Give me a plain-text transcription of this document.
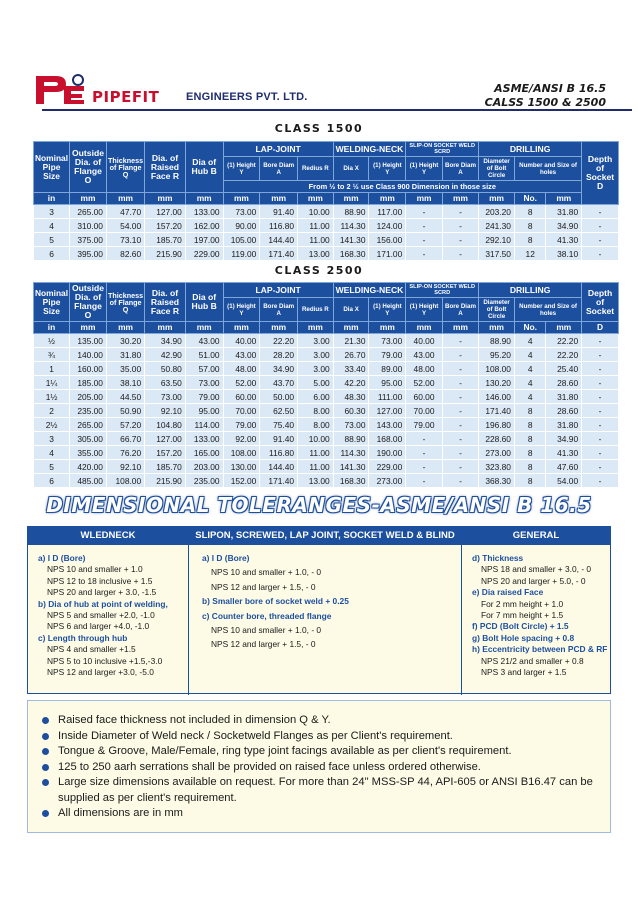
PIPEFIT ENGINEERS PVT. LTD.
ASME/ANSI B 16.5
CALSS 1500 & 2500
CLASS 1500
Nominal Pipe Size	Outside Dia. of Flange O	Thickness of Flange Q	Dia. of Raised Face R	Dia of Hub B	LAP-JOINT			WELDING-NECK		SLIP-ON SOCKET WELD SCRD		DRILLING			Depth of Socket D
					(1) Height Y	Bore Diam A	Redius R	Dia X	(1) Height Y	(1) Height Y	Bore Diam A	Diameter of Bolt Circle	Number and Size of holes		
					From ½ to 2 ½ use Class 900 Dimension in those size										
in	mm	mm	mm	mm	mm	mm	mm	mm	mm	mm	mm	mm	No.	mm	
3	265.00	47.70	127.00	133.00	73.00	91.40	10.00	88.90	117.00	-	-	203.20	8	31.80	-
4	310.00	54.00	157.20	162.00	90.00	116.80	11.00	114.30	124.00	-	-	241.30	8	34.90	-
5	375.00	73.10	185.70	197.00	105.00	144.40	11.00	141.30	156.00	-	-	292.10	8	41.30	-
6	395.00	82.60	215.90	229.00	119.00	171.40	13.00	168.30	171.00	-	-	317.50	12	38.10	-
CLASS 2500
Nominal Pipe Size	Outside Dia. of Flange O	Thickness of Flange Q	Dia. of Raised Face R	Dia of Hub B	LAP-JOINT			WELDING-NECK		SLIP-ON SOCKET WELD SCRD		DRILLING			Depth of Socket
					(1) Height Y	Bore Diam A	Redius R	Dia X	(1) Height Y	(1) Height Y	Bore Diam A	Diameter of Bolt Circle	Number and Size of holes		
in	mm	mm	mm	mm	mm	mm	mm	mm	mm	mm	mm	mm	No.	mm	D
½	135.00	30.20	34.90	43.00	40.00	22.20	3.00	21.30	73.00	40.00	-	88.90	4	22.20	-
¾	140.00	31.80	42.90	51.00	43.00	28.20	3.00	26.70	79.00	43.00	-	95.20	4	22.20	-
1	160.00	35.00	50.80	57.00	48.00	34.90	3.00	33.40	89.00	48.00	-	108.00	4	25.40	-
1¼	185.00	38.10	63.50	73.00	52.00	43.70	5.00	42.20	95.00	52.00	-	130.20	4	28.60	-
1½	205.00	44.50	73.00	79.00	60.00	50.00	6.00	48.30	111.00	60.00	-	146.00	4	31.80	-
2	235.00	50.90	92.10	95.00	70.00	62.50	8.00	60.30	127.00	70.00	-	171.40	8	28.60	-
2½	265.00	57.20	104.80	114.00	79.00	75.40	8.00	73.00	143.00	79.00	-	196.80	8	31.80	-
3	305.00	66.70	127.00	133.00	92.00	91.40	10.00	88.90	168.00	-	-	228.60	8	34.90	-
4	355.00	76.20	157.20	165.00	108.00	116.80	11.00	114.30	190.00	-	-	273.00	8	41.30	-
5	420.00	92.10	185.70	203.00	130.00	144.40	11.00	141.30	229.00	-	-	323.80	8	47.60	-
6	485.00	108.00	215.90	235.00	152.00	171.40	13.00	168.30	273.00	-	-	368.30	8	54.00	-
DIMENSIONAL TOLERANGES-ASME/ANSI B 16.5
WLEDNECK	SLIPON, SCREWED, LAP JOINT, SOCKET WELD & BLIND	GENERAL
a) I D (Bore)
NPS 10 and smaller + 1.0
NPS 12 to 18 inclusive + 1.5
NPS 20 and larger + 3.0, -1.5
b) Dia of hub at point of welding,
NPS 5 and smaller +2.0, -1.0
NPS 6 and larger +4.0, -1.0
c) Length through hub
NPS 4 and smaller +1.5
NPS 5 to 10 inclusive +1.5,-3.0
NPS 12 and larger +3.0, -5.0
a) I D (Bore)
NPS 10 and smaller + 1.0, - 0
NPS 12 and larger + 1.5, - 0
b) Smaller bore of socket weld + 0.25
c) Counter bore, threaded flange
NPS 10 and smaller + 1.0, - 0
NPS 12 and larger + 1.5, - 0
d) Thickness
NPS 18 and smaller + 3.0, - 0
NPS 20 and larger + 5.0, - 0
e) Dia raised Face
For 2 mm height + 1.0
For 7 mm height + 1.5
f) PCD (Bolt Circle) + 1.5
g) Bolt Hole spacing + 0.8
h) Eccentricity between PCD & RF
NPS 21/2 and smaller + 0.8
NPS 3 and larger + 1.5
Raised face thickness not included in dimension Q & Y.
Inside Diameter of Weld neck / Socketweld Flanges as per Client's requirement.
Tongue & Groove, Male/Female, ring type joint facings available as per client's requirement.
125 to 250 aarh serrations shall be provided on raised face unless ordered otherwise.
Large size dimensions available on request. For more than 24" MSS-SP 44, API-605 or ANSI B16.47 can be supplied as per client's requirement.
All dimensions are in mm
